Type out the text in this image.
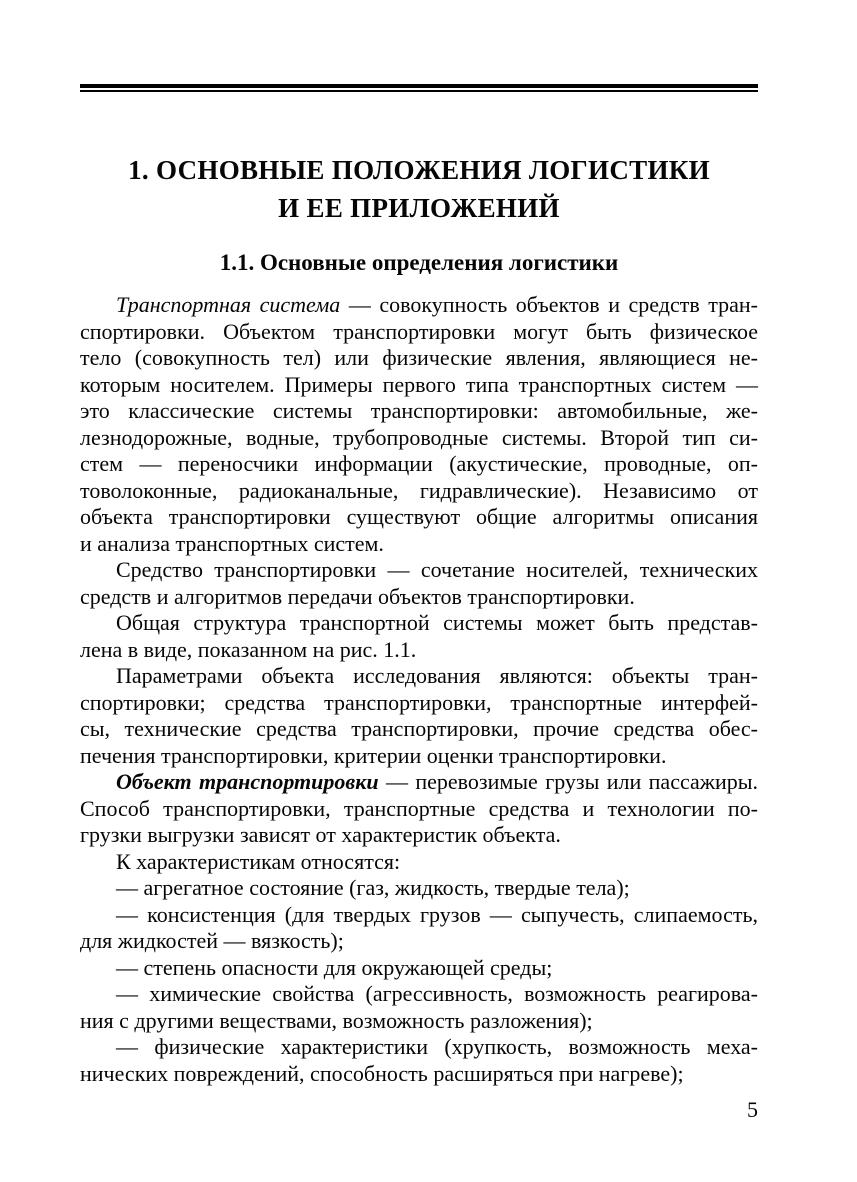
1. ОСНОВНЫЕ ПОЛОЖЕНИЯ ЛОГИСТИКИ
И ЕЕ ПРИЛОЖЕНИЙ
1.1. Основные определения логистики
Транспортная система — совокупность объектов и средств тран-
спортировки. Объектом транспортировки могут быть физическое
тело (совокупность тел) или физические явления, являющиеся не-
которым носителем. Примеры первого типа транспортных систем —
это классические системы транспортировки: автомобильные, же-
лезнодорожные, водные, трубопроводные системы. Второй тип си-
стем — переносчики информации (акустические, проводные, оп-
товолоконные, радиоканальные, гидравлические). Независимо от
объекта транспортировки существуют общие алгоритмы описания
и анализа транспортных систем.
Средство транспортировки — сочетание носителей, технических
средств и алгоритмов передачи объектов транспортировки.
Общая структура транспортной системы может быть представ-
лена в виде, показанном на рис. 1.1.
Параметрами объекта исследования являются: объекты тран-
спортировки; средства транспортировки, транспортные интерфей-
сы, технические средства транспортировки, прочие средства обес-
печения транспортировки, критерии оценки транспортировки.
Объект транспортировки — перевозимые грузы или пассажиры.
Способ транспортировки, транспортные средства и технологии по-
грузки выгрузки зависят от характеристик объекта.
К характеристикам относятся:
— агрегатное состояние (газ, жидкость, твердые тела);
— консистенция (для твердых грузов — сыпучесть, слипаемость,
для жидкостей — вязкость);
— степень опасности для окружающей среды;
— химические свойства (агрессивность, возможность реагирова-
ния с другими веществами, возможность разложения);
— физические характеристики (хрупкость, возможность меха-
нических повреждений, способность расширяться при нагреве);
5
